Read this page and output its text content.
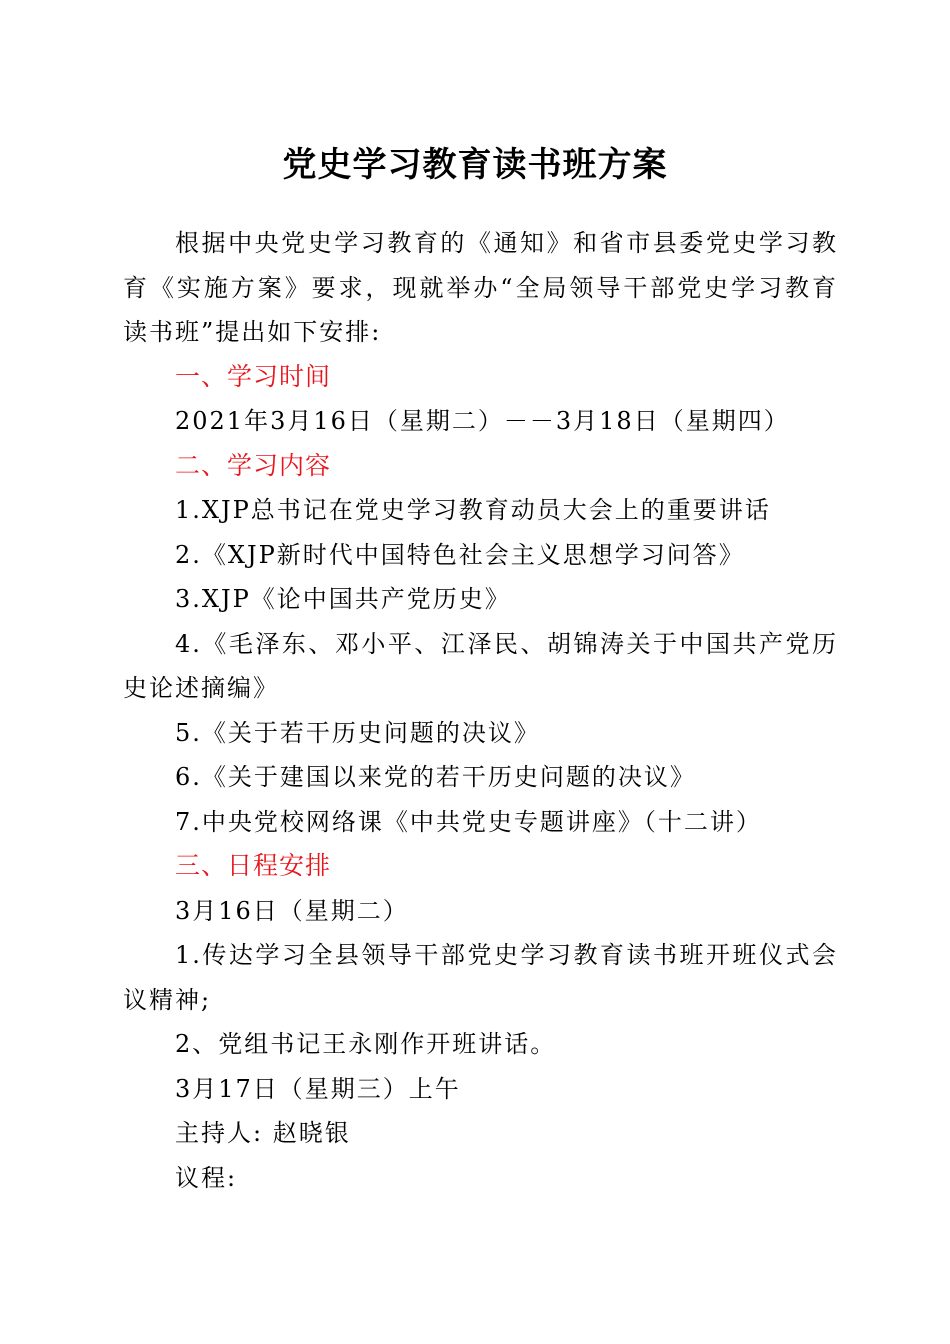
党史学习教育读书班方案

根据中央党史学习教育的《通知》和省市县委党史学习教育《实施方案》要求，现就举办“全局领导干部党史学习教育读书班”提出如下安排:

一、学习时间

2021年3月16日（星期二）－－3月18日（星期四）

二、学习内容

1.XJP总书记在党史学习教育动员大会上的重要讲话

2.《XJP新时代中国特色社会主义思想学习问答》

3.XJP《论中国共产党历史》

4.《毛泽东、邓小平、江泽民、胡锦涛关于中国共产党历史论述摘编》

5.《关于若干历史问题的决议》

6.《关于建国以来党的若干历史问题的决议》

7.中央党校网络课《中共党史专题讲座》（十二讲）

三、日程安排

3月16日（星期二）

1.传达学习全县领导干部党史学习教育读书班开班仪式会议精神;

2、党组书记王永刚作开班讲话。

3月17日（星期三）上午

主持人: 赵晓银

议程:
